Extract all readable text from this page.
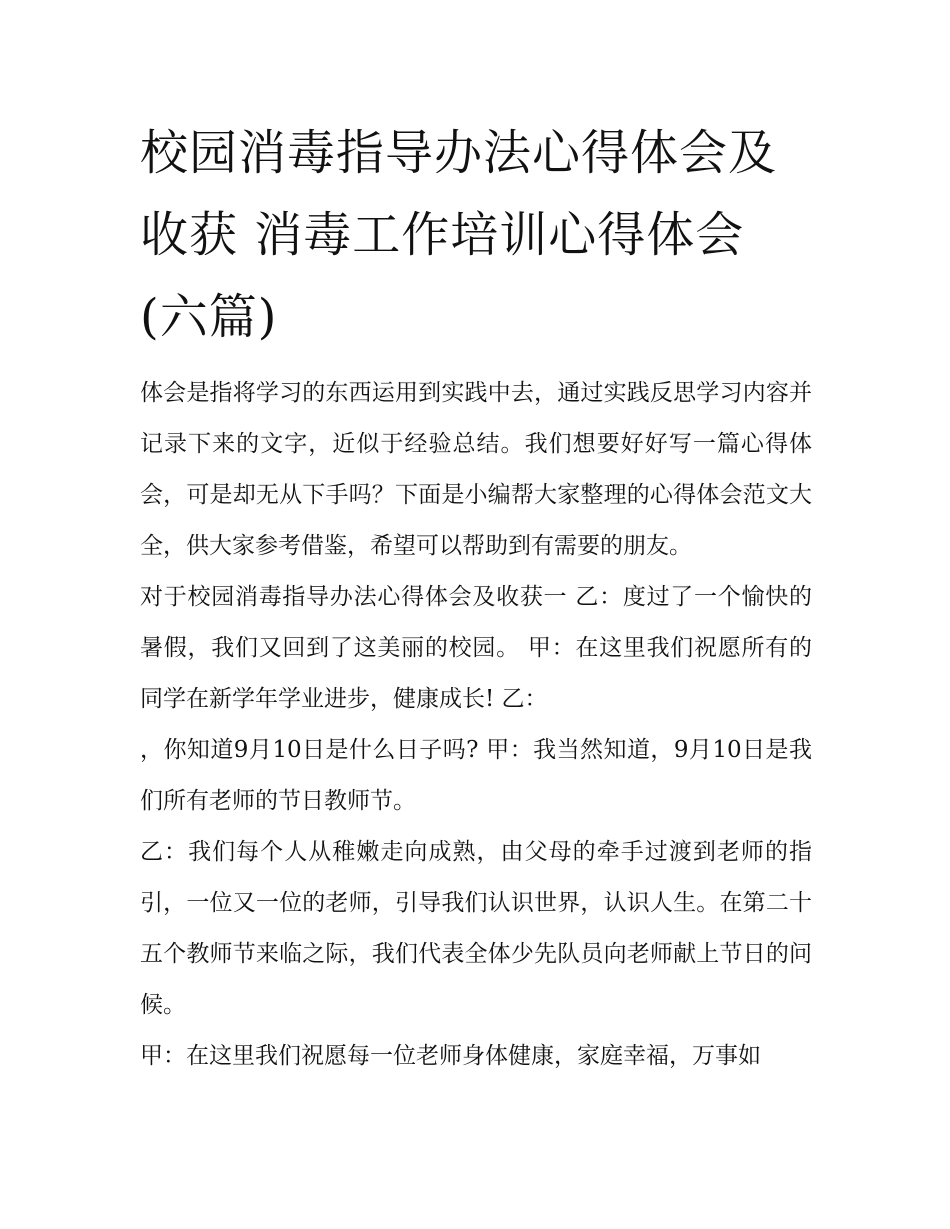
校园消毒指导办法心得体会及收获 消毒工作培训心得体会(六篇)

体会是指将学习的东西运用到实践中去，通过实践反思学习内容并记录下来的文字，近似于经验总结。我们想要好好写一篇心得体会，可是却无从下手吗？下面是小编帮大家整理的心得体会范文大全，供大家参考借鉴，希望可以帮助到有需要的朋友。

对于校园消毒指导办法心得体会及收获一 乙：度过了一个愉快的暑假，我们又回到了这美丽的校园。 甲：在这里我们祝愿所有的同学在新学年学业进步，健康成长! 乙：

，你知道9月10日是什么日子吗? 甲：我当然知道，9月10日是我们所有老师的节日教师节。

乙：我们每个人从稚嫩走向成熟，由父母的牵手过渡到老师的指引，一位又一位的老师，引导我们认识世界，认识人生。在第二十五个教师节来临之际，我们代表全体少先队员向老师献上节日的问候。

甲：在这里我们祝愿每一位老师身体健康，家庭幸福，万事如
